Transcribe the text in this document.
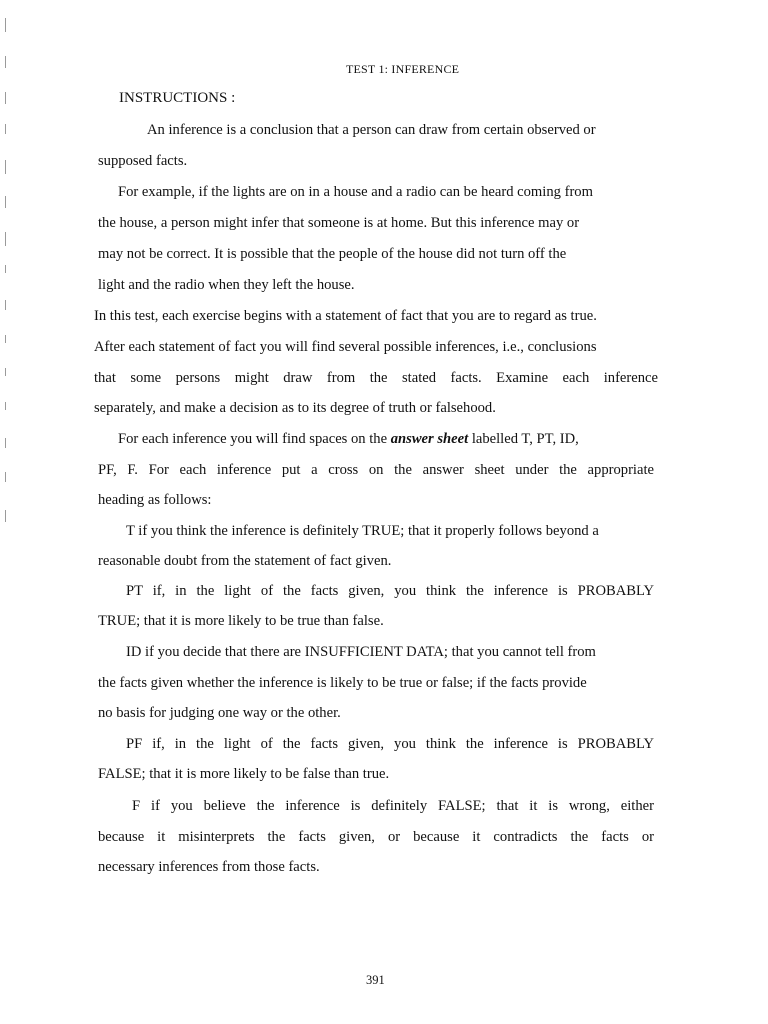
TEST 1: INFERENCE
INSTRUCTIONS :
An inference is a conclusion that a person can draw from certain observed or
supposed facts.
For example, if the lights are on in a house and a radio can be heard coming from
the house, a person might infer that someone is at home. But this inference may or
may not be correct. It is possible that the people of the house did not turn off the
light and the radio when they left the house.
In this test, each exercise begins with a statement of fact that you are to regard as true.
After each statement of fact you will find several possible inferences, i.e., conclusions
that some persons might draw from the stated facts. Examine each inference
separately, and make a decision as to its degree of truth or falsehood.
For each inference you will find spaces on the answer sheet labelled T, PT, ID,
PF, F. For each inference put a cross on the answer sheet under the appropriate
heading as follows:
T if you think the inference is definitely TRUE; that it properly follows beyond a
reasonable doubt from the statement of fact given.
PT if, in the light of the facts given, you think the inference is PROBABLY
TRUE; that it is more likely to be true than false.
ID if you decide that there are INSUFFICIENT DATA; that you cannot tell from
the facts given whether the inference is likely to be true or false; if the facts provide
no basis for judging one way or the other.
PF if, in the light of the facts given, you think the inference is PROBABLY
FALSE; that it is more likely to be false than true.
F if you believe the inference is definitely FALSE; that it is wrong, either
because it misinterprets the facts given, or because it contradicts the facts or
necessary inferences from those facts.
391
